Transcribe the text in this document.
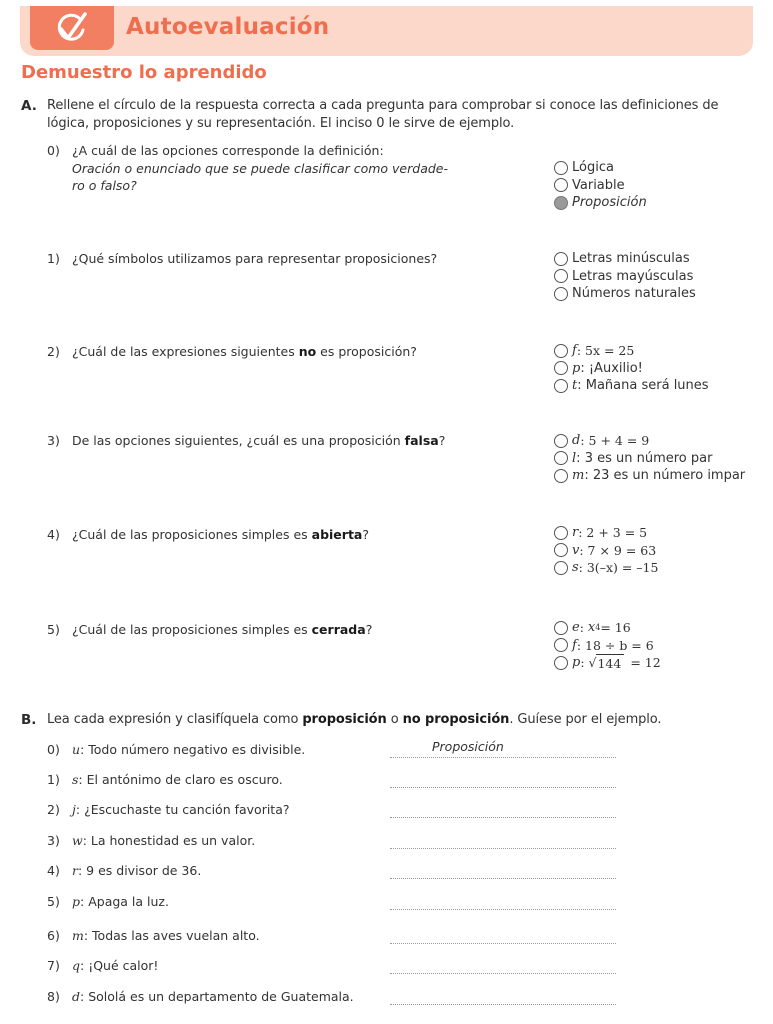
Autoevaluación
Demuestro lo aprendido
A. Rellene el círculo de la respuesta correcta a cada pregunta para comprobar si conoce las definiciones de
lógica, proposiciones y su representación. El inciso 0 le sirve de ejemplo.
0) ¿A cuál de las opciones corresponde la definición:
Oración o enunciado que se puede clasificar como verdade-
ro o falso?
Lógica
Variable
Proposición
1) ¿Qué símbolos utilizamos para representar proposiciones?	Letras minúsculas
Letras mayúsculas
Números naturales
2) ¿Cuál de las expresiones siguientes no es proposición?	f : 5x = 25
p : ¡Auxilio!
t : Mañana será lunes
3) De las opciones siguientes, ¿cuál es una proposición falsa?	d : 5 + 4 = 9
l : 3 es un número par
m : 23 es un número impar
4) ¿Cuál de las proposiciones simples es abierta?	r : 2 + 3 = 5
v : 7 × 9 = 63
s : 3(–x) = –15
5) ¿Cuál de las proposiciones simples es cerrada?	e : x 4 = 16
f : 18 ÷ b = 6
p : √ 144 = 12
B. Lea cada expresión y clasifíquela como proposición o no proposición. Guíese por el ejemplo.
0) u: Todo número negativo es divisible.	Proposición
1) s: El antónimo de claro es oscuro.
2) j: ¿Escuchaste tu canción favorita?
3) w: La honestidad es un valor.
4) r: 9 es divisor de 36.
5) p: Apaga la luz.
6) m: Todas las aves vuelan alto.
7) q: ¡Qué calor!
8) d: Sololá es un departamento de Guatemala.
